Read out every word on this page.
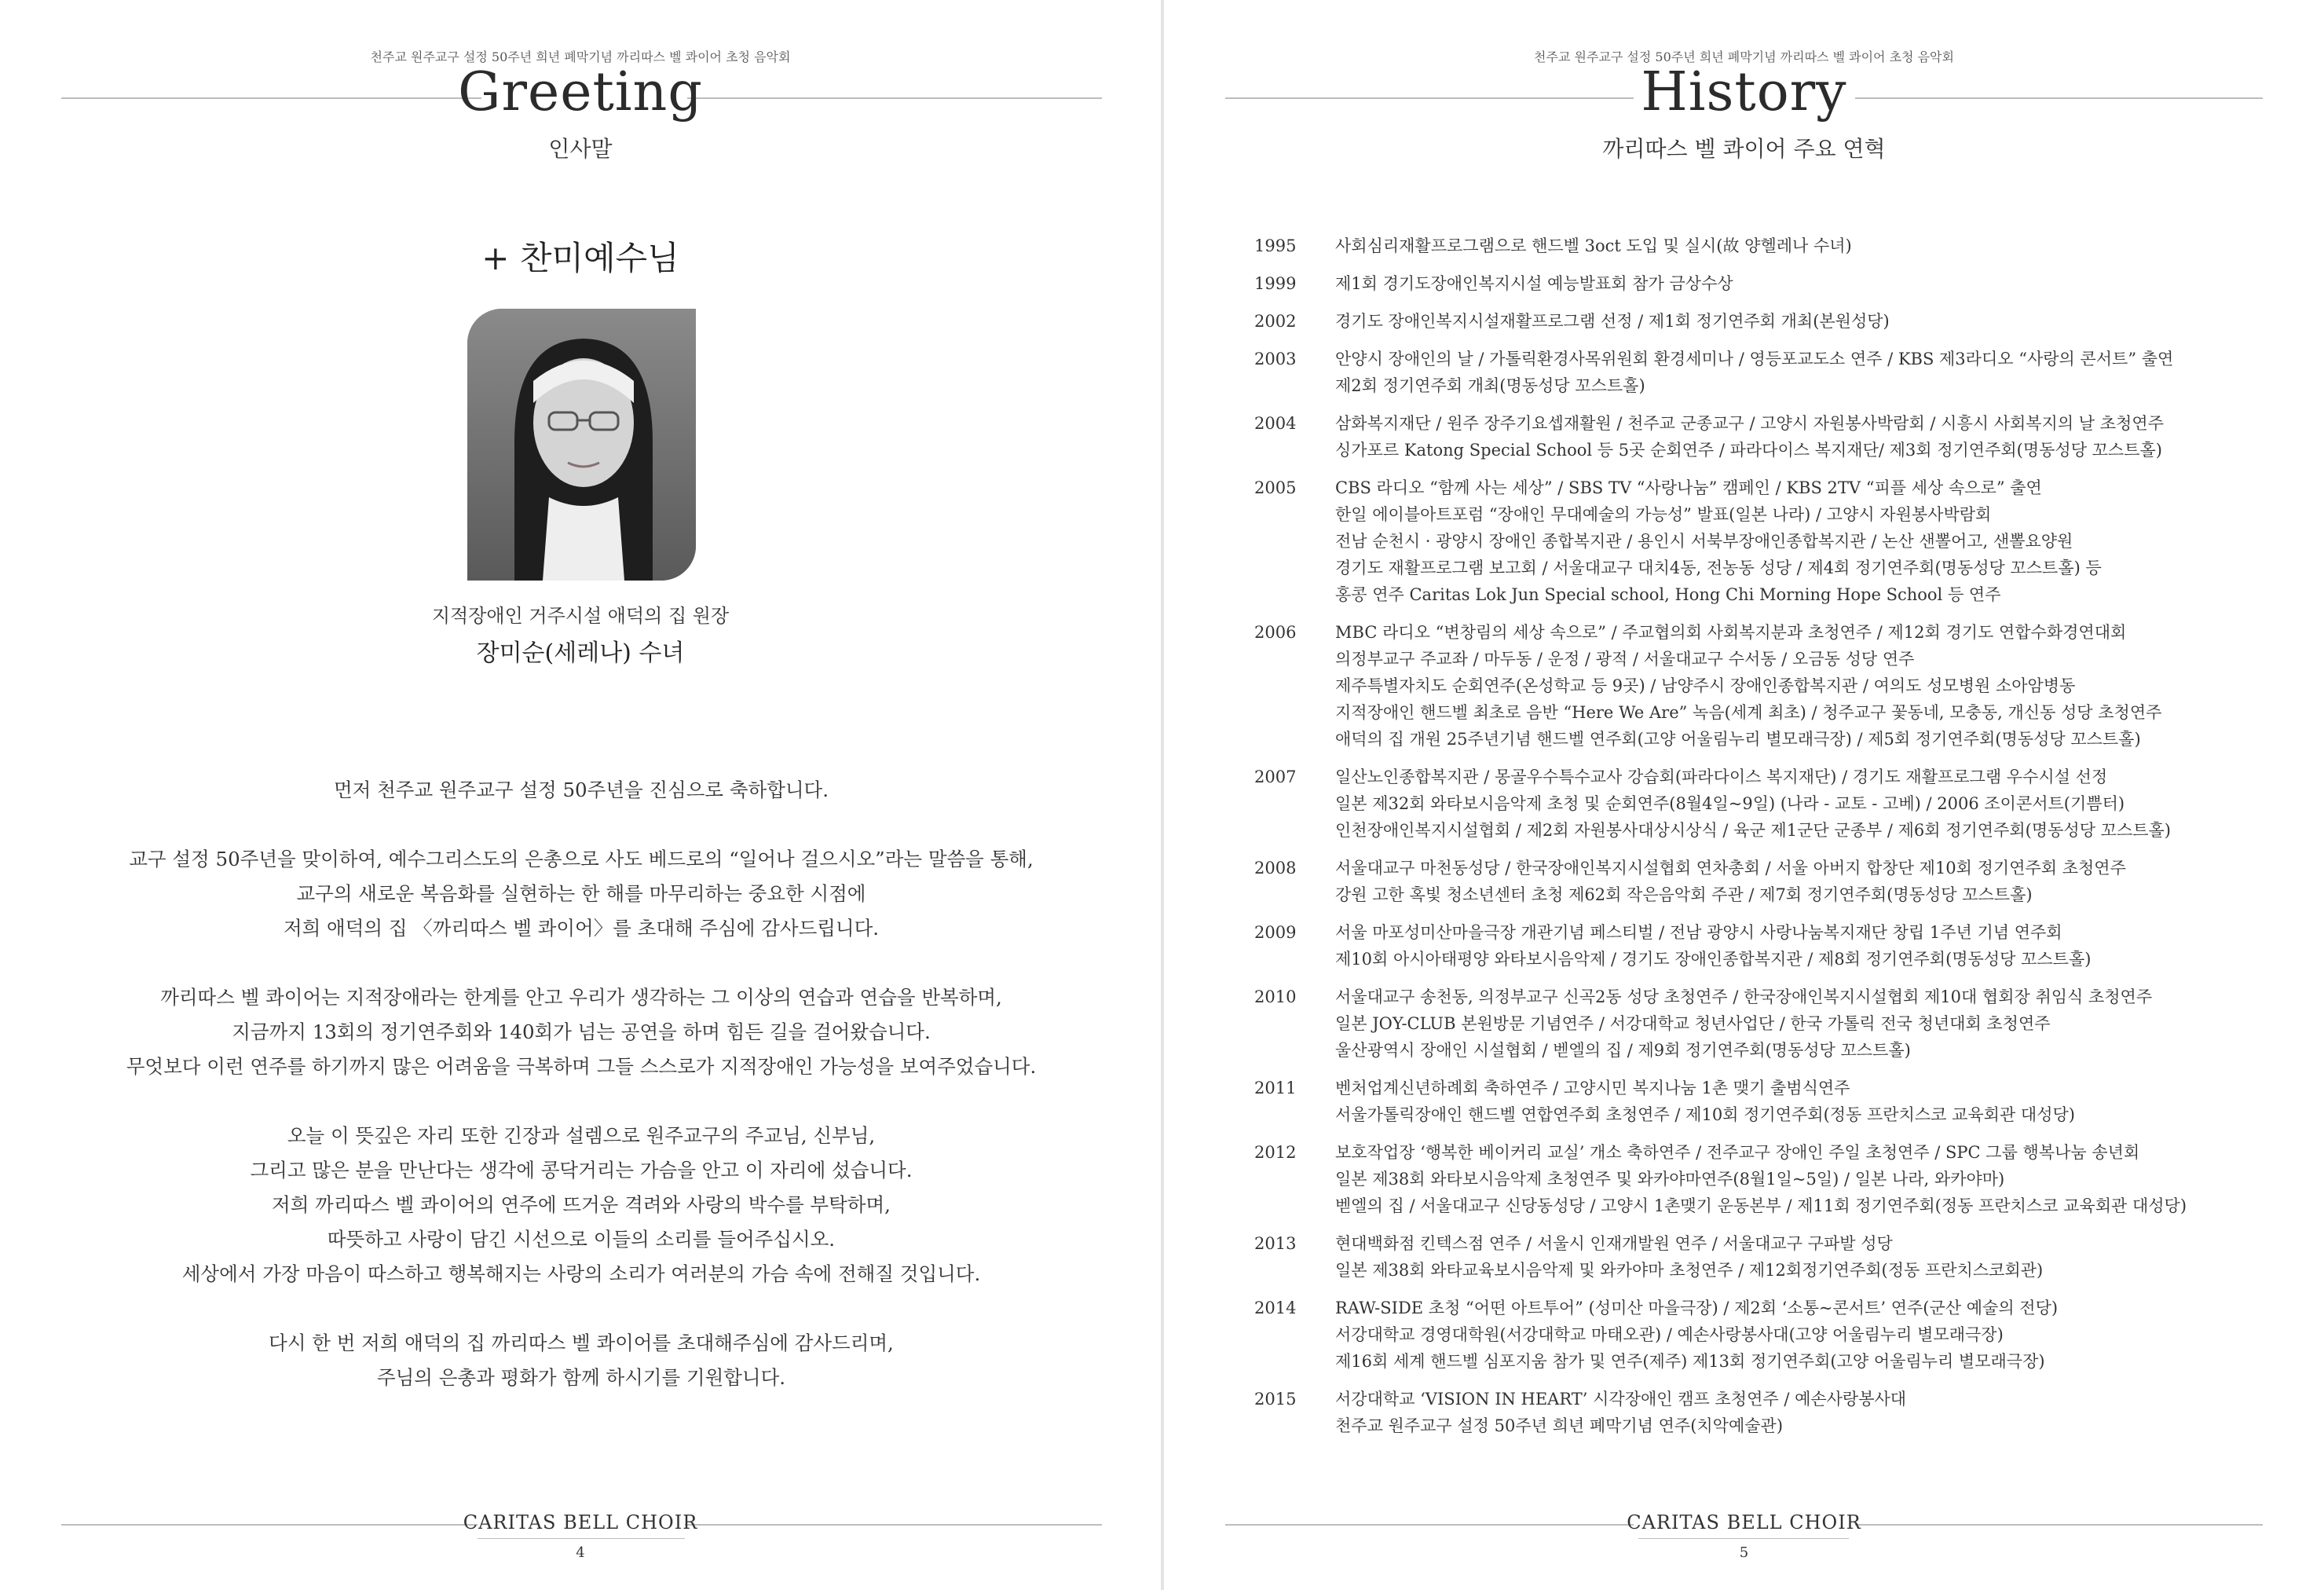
천주교 원주교구 설정 50주년 희년 폐막기념 까리따스 벨 콰이어 초청 음악회
Greeting
인사말
+ 찬미예수님
지적장애인 거주시설 애덕의 집 원장
장미순(세레나) 수녀

먼저 천주교 원주교구 설정 50주년을 진심으로 축하합니다.

교구 설정 50주년을 맞이하여, 예수그리스도의 은총으로 사도 베드로의 “일어나 걸으시오”라는 말씀을 통해,

교구의 새로운 복음화를 실현하는 한 해를 마무리하는 중요한 시점에

저희 애덕의 집 〈까리따스 벨 콰이어〉를 초대해 주심에 감사드립니다.

까리따스 벨 콰이어는 지적장애라는 한계를 안고 우리가 생각하는 그 이상의 연습과 연습을 반복하며,

지금까지 13회의 정기연주회와 140회가 넘는 공연을 하며 힘든 길을 걸어왔습니다.

무엇보다 이런 연주를 하기까지 많은 어려움을 극복하며 그들 스스로가 지적장애인 가능성을 보여주었습니다.

오늘 이 뜻깊은 자리 또한 긴장과 설렘으로 원주교구의 주교님, 신부님,

그리고 많은 분을 만난다는 생각에 콩닥거리는 가슴을 안고 이 자리에 섰습니다.

저희 까리따스 벨 콰이어의 연주에 뜨거운 격려와 사랑의 박수를 부탁하며,

따뜻하고 사랑이 담긴 시선으로 이들의 소리를 들어주십시오.

세상에서 가장 마음이 따스하고 행복해지는 사랑의 소리가 여러분의 가슴 속에 전해질 것입니다.

다시 한 번 저희 애덕의 집 까리따스 벨 콰이어를 초대해주심에 감사드리며,

주님의 은총과 평화가 함께 하시기를 기원합니다.

CARITAS BELL CHOIR
4
천주교 원주교구 설정 50주년 희년 폐막기념 까리따스 벨 콰이어 초청 음악회
History
까리따스 벨 콰이어 주요 연혁
1995	사회심리재활프로그램으로 핸드벨 3oct 도입 및 실시(故 양헬레나 수녀)
1999	제1회 경기도장애인복지시설 예능발표회 참가 금상수상
2002	경기도 장애인복지시설재활프로그램 선정 / 제1회 정기연주회 개최(본원성당)
2003	안양시 장애인의 날 / 가톨릭환경사목위원회 환경세미나 / 영등포교도소 연주 / KBS 제3라디오 “사랑의 콘서트” 출연
제2회 정기연주회 개최(명동성당 꼬스트홀)
2004	삼화복지재단 / 원주 장주기요셉재활원 / 천주교 군종교구 / 고양시 자원봉사박람회 / 시흥시 사회복지의 날 초청연주
싱가포르 Katong Special School 등 5곳 순회연주 / 파라다이스 복지재단/ 제3회 정기연주회(명동성당 꼬스트홀)
2005	CBS 라디오 “함께 사는 세상” / SBS TV “사랑나눔” 캠페인 / KBS 2TV “피플 세상 속으로” 출연
한일 에이블아트포럼 “장애인 무대예술의 가능성” 발표(일본 나라) / 고양시 자원봉사박람회
전남 순천시 · 광양시 장애인 종합복지관 / 용인시 서북부장애인종합복지관 / 논산 샌뽈어고, 샌뽈요양원
경기도 재활프로그램 보고회 / 서울대교구 대치4동, 전농동 성당 / 제4회 정기연주회(명동성당 꼬스트홀) 등
홍콩 연주 Caritas Lok Jun Special school, Hong Chi Morning Hope School 등 연주
2006	MBC 라디오 “변창림의 세상 속으로” / 주교협의회 사회복지분과 초청연주 / 제12회 경기도 연합수화경연대회
의정부교구 주교좌 / 마두동 / 운정 / 광적 / 서울대교구 수서동 / 오금동 성당 연주
제주특별자치도 순회연주(온성학교 등 9곳) / 남양주시 장애인종합복지관 / 여의도 성모병원 소아암병동
지적장애인 핸드벨 최초로 음반 “Here We Are” 녹음(세계 최초) / 청주교구 꽃동네, 모충동, 개신동 성당 초청연주
애덕의 집 개원 25주년기념 핸드벨 연주회(고양 어울림누리 별모래극장) / 제5회 정기연주회(명동성당 꼬스트홀)
2007	일산노인종합복지관 / 몽골우수특수교사 강습회(파라다이스 복지재단) / 경기도 재활프로그램 우수시설 선정
일본 제32회 와타보시음악제 초청 및 순회연주(8월4일~9일) (나라 - 교토 - 고베) / 2006 조이콘서트(기쁨터)
인천장애인복지시설협회 / 제2회 자원봉사대상시상식 / 육군 제1군단 군종부 / 제6회 정기연주회(명동성당 꼬스트홀)
2008	서울대교구 마천동성당 / 한국장애인복지시설협회 연차총회 / 서울 아버지 합창단 제10회 정기연주회 초청연주
강원 고한 혹빛 청소년센터 초청 제62회 작은음악회 주관 / 제7회 정기연주회(명동성당 꼬스트홀)
2009	서울 마포성미산마을극장 개관기념 페스티벌 / 전남 광양시 사랑나눔복지재단 창립 1주년 기념 연주회
제10회 아시아태평양 와타보시음악제 / 경기도 장애인종합복지관 / 제8회 정기연주회(명동성당 꼬스트홀)
2010	서울대교구 송천동, 의정부교구 신곡2동 성당 초청연주 / 한국장애인복지시설협회 제10대 협회장 취임식 초청연주
일본 JOY-CLUB 본원방문 기념연주 / 서강대학교 청년사업단 / 한국 가톨릭 전국 청년대회 초청연주
울산광역시 장애인 시설협회 / 벧엘의 집 / 제9회 정기연주회(명동성당 꼬스트홀)
2011	벤처업계신년하례회 축하연주 / 고양시민 복지나눔 1촌 맺기 출범식연주
서울가톨릭장애인 핸드벨 연합연주회 초청연주 / 제10회 정기연주회(정동 프란치스코 교육회관 대성당)
2012	보호작업장 ‘행복한 베이커리 교실’ 개소 축하연주 / 전주교구 장애인 주일 초청연주 / SPC 그룹 행복나눔 송년회
일본 제38회 와타보시음악제 초청연주 및 와카야마연주(8월1일~5일) / 일본 나라, 와카야마)
벧엘의 집 / 서울대교구 신당동성당 / 고양시 1촌맺기 운동본부 / 제11회 정기연주회(정동 프란치스코 교육회관 대성당)
2013	현대백화점 킨텍스점 연주 / 서울시 인재개발원 연주 / 서울대교구 구파발 성당
일본 제38회 와타교육보시음악제 및 와카야마 초청연주 / 제12회정기연주회(정동 프란치스코회관)
2014	RAW-SIDE 초청 “어떤 아트투어” (성미산 마을극장) / 제2회 ‘소통~콘서트’ 연주(군산 예술의 전당)
서강대학교 경영대학원(서강대학교 마태오관) / 예손사랑봉사대(고양 어울림누리 별모래극장)
제16회 세계 핸드벨 심포지움 참가 및 연주(제주) 제13회 정기연주회(고양 어울림누리 별모래극장)
2015	서강대학교 ‘VISION IN HEART’ 시각장애인 캠프 초청연주 / 예손사랑봉사대
천주교 원주교구 설정 50주년 희년 폐막기념 연주(치악예술관)
CARITAS BELL CHOIR
5
